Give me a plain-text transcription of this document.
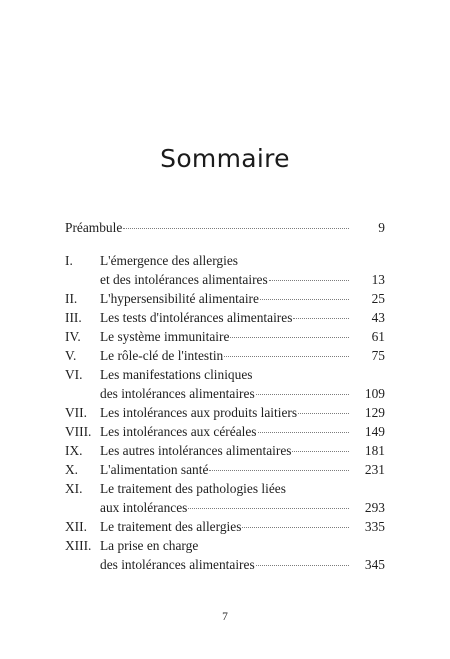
Sommaire
Préambule	9
I. L'émergence des allergies
et des intolérances alimentaires	13
II. L'hypersensibilité alimentaire	25
III. Les tests d'intolérances alimentaires	43
IV. Le système immunitaire	61
V. Le rôle-clé de l'intestin	75
VI. Les manifestations cliniques
des intolérances alimentaires	109
VII. Les intolérances aux produits laitiers	129
VIII. Les intolérances aux céréales	149
IX. Les autres intolérances alimentaires	181
X. L'alimentation santé	231
XI. Le traitement des pathologies liées
aux intolérances	293
XII. Le traitement des allergies	335
XIII. La prise en charge
des intolérances alimentaires	345
7
